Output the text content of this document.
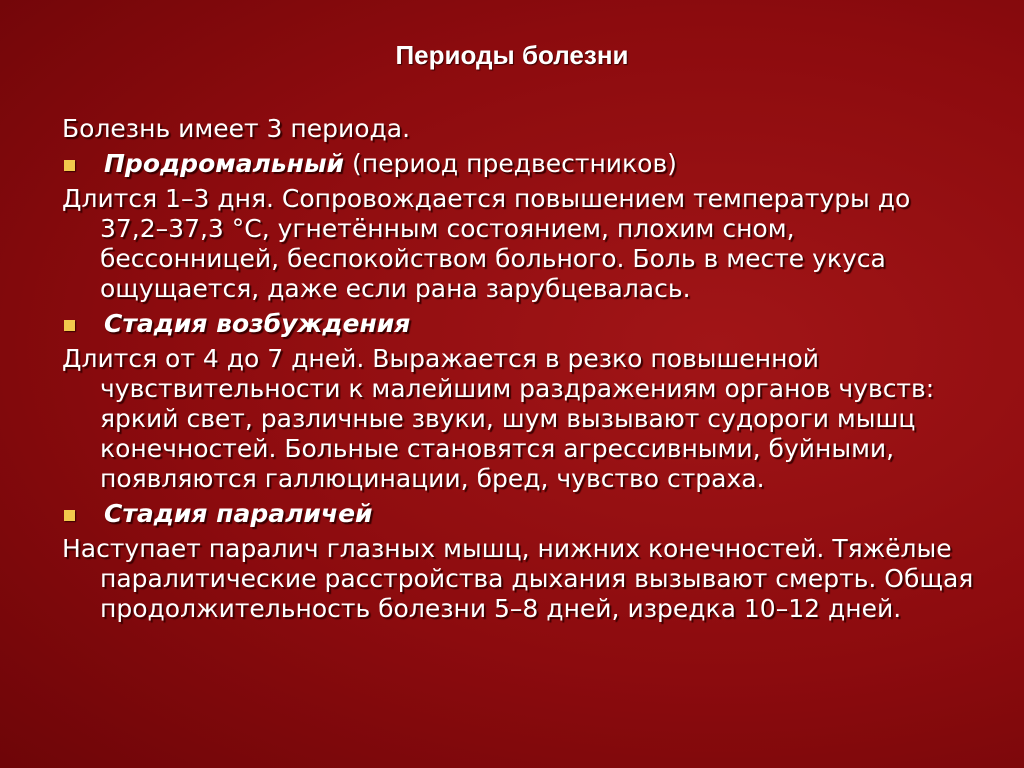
Периоды болезни
Болезнь имеет 3 периода.
Продромальный (период предвестников)
Длится 1–3 дня. Сопровождается повышением температуры до 37,2–37,3 °С, угнетённым состоянием, плохим сном, бессонницей, беспокойством больного. Боль в месте укуса ощущается, даже если рана зарубцевалась.
Стадия возбуждения
Длится от 4 до 7 дней. Выражается в резко повышенной чувствительности к малейшим раздражениям органов чувств: яркий свет, различные звуки, шум вызывают судороги мышц конечностей. Больные становятся агрессивными, буйными, появляются галлюцинации, бред, чувство страха.
Стадия параличей
Наступает паралич глазных мышц, нижних конечностей. Тяжёлые паралитические расстройства дыхания вызывают смерть. Общая продолжительность болезни 5–8 дней, изредка 10–12 дней.
